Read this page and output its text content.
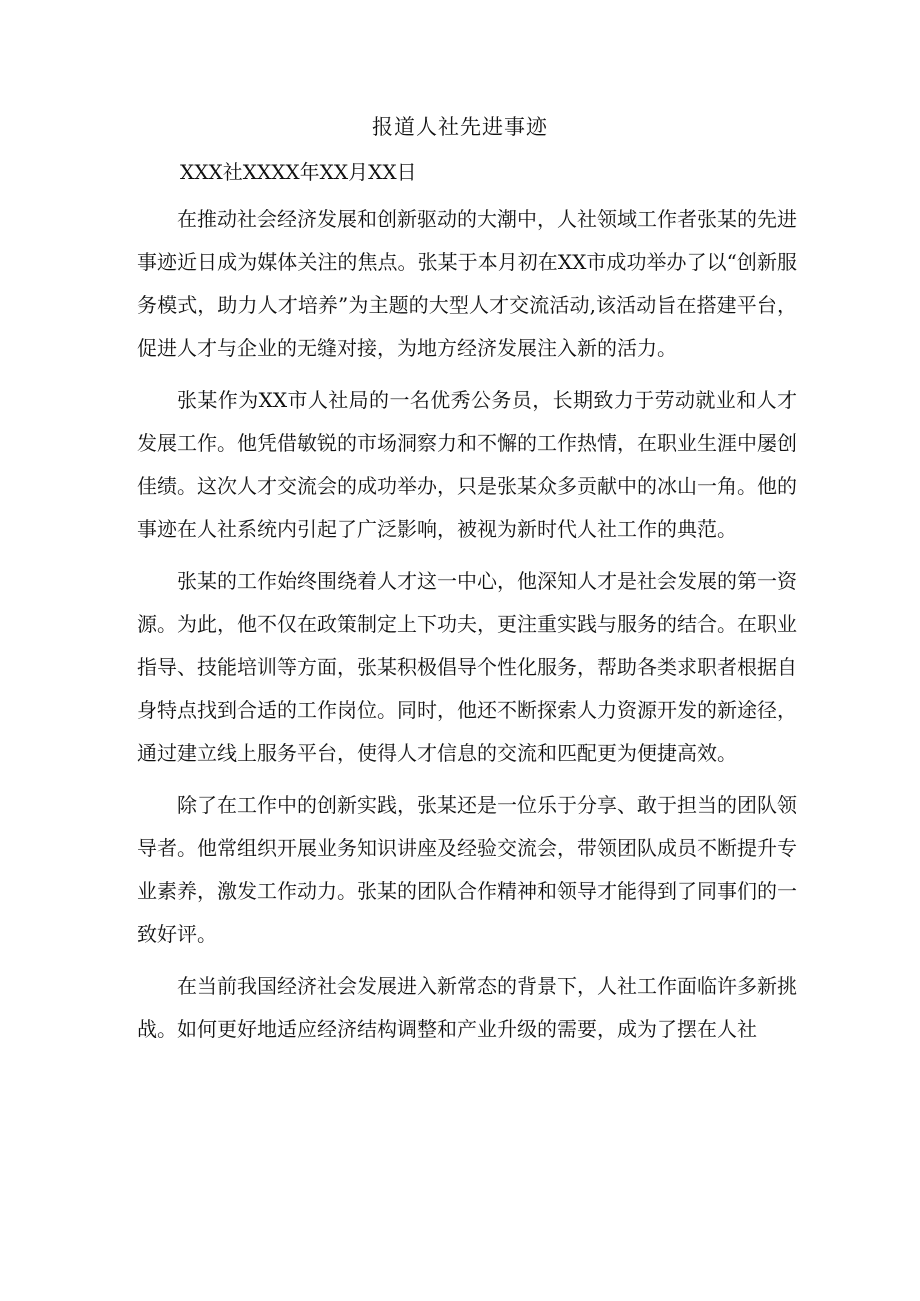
报道人社先进事迹
XXX社XXXX年XX月XX日

在推动社会经济发展和创新驱动的大潮中，人社领域工作者张某的先进事迹近日成为媒体关注的焦点。张某于本月初在XX市成功举办了以“创新服务模式，助力人才培养”为主题的大型人才交流活动,该活动旨在搭建平台，促进人才与企业的无缝对接，为地方经济发展注入新的活力。

张某作为XX市人社局的一名优秀公务员，长期致力于劳动就业和人才发展工作。他凭借敏锐的市场洞察力和不懈的工作热情，在职业生涯中屡创佳绩。这次人才交流会的成功举办，只是张某众多贡献中的冰山一角。他的事迹在人社系统内引起了广泛影响，被视为新时代人社工作的典范。

张某的工作始终围绕着人才这一中心，他深知人才是社会发展的第一资源。为此，他不仅在政策制定上下功夫，更注重实践与服务的结合。在职业指导、技能培训等方面，张某积极倡导个性化服务，帮助各类求职者根据自身特点找到合适的工作岗位。同时，他还不断探索人力资源开发的新途径，通过建立线上服务平台，使得人才信息的交流和匹配更为便捷高效。

除了在工作中的创新实践，张某还是一位乐于分享、敢于担当的团队领导者。他常组织开展业务知识讲座及经验交流会，带领团队成员不断提升专业素养，激发工作动力。张某的团队合作精神和领导才能得到了同事们的一致好评。

在当前我国经济社会发展进入新常态的背景下，人社工作面临许多新挑战。如何更好地适应经济结构调整和产业升级的需要，成为了摆在人社
